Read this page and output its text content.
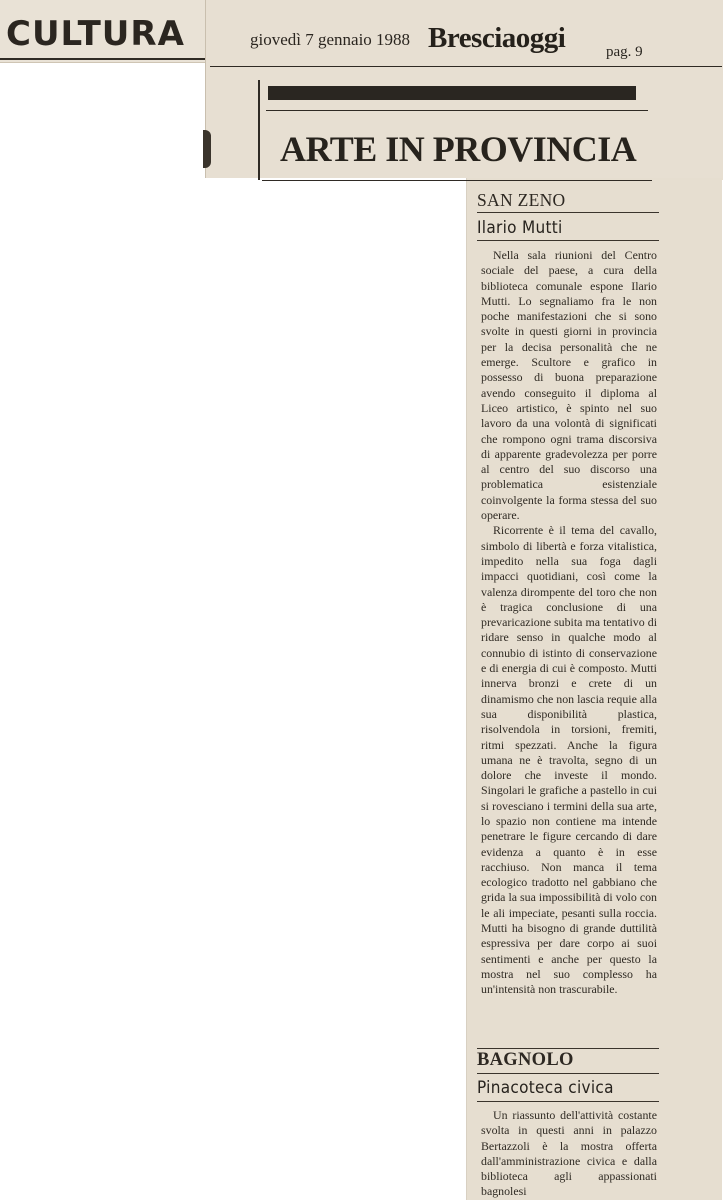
CULTURA	giovedì 7 gennaio 1988 Bresciaoggi	pag. 9
ARTE IN PROVINCIA
SAN ZENO
Ilario Mutti

Nella sala riunioni del Centro sociale del paese, a cura della biblioteca comunale espone Ilario Mutti. Lo segnaliamo fra le non poche manifestazioni che si sono svolte in questi giorni in provincia per la decisa personalità che ne emerge. Scultore e grafico in possesso di buona preparazione avendo conseguito il diploma al Liceo artistico, è spinto nel suo lavoro da una volontà di significati che rompono ogni trama discorsiva di apparente gradevolezza per porre al centro del suo discorso una problematica esistenziale coinvolgente la forma stessa del suo operare.

Ricorrente è il tema del cavallo, simbolo di libertà e forza vitalistica, impedito nella sua foga dagli impacci quotidiani, così come la valenza dirompente del toro che non è tragica conclusione di una prevaricazione subita ma tentativo di ridare senso in qualche modo al connubio di istinto di conservazione e di energia di cui è composto. Mutti innerva bronzi e crete di un dinamismo che non lascia requie alla sua disponibilità plastica, risolvendola in torsioni, fremiti, ritmi spezzati. Anche la figura umana ne è travolta, segno di un dolore che investe il mondo. Singolari le grafiche a pastello in cui si rovesciano i termini della sua arte, lo spazio non contiene ma intende penetrare le figure cercando di dare evidenza a quanto è in esse racchiuso. Non manca il tema ecologico tradotto nel gabbiano che grida la sua impossibilità di volo con le ali impeciate, pesanti sulla roccia. Mutti ha bisogno di grande duttilità espressiva per dare corpo ai suoi sentimenti e anche per questo la mostra nel suo complesso ha un'intensità non trascurabile.

BAGNOLO
Pinacoteca civica

Un riassunto dell'attività costante svolta in questi anni in palazzo Bertazzoli è la mostra offerta dall'amministrazione civica e dalla biblioteca agli appassionati bagnolesi
